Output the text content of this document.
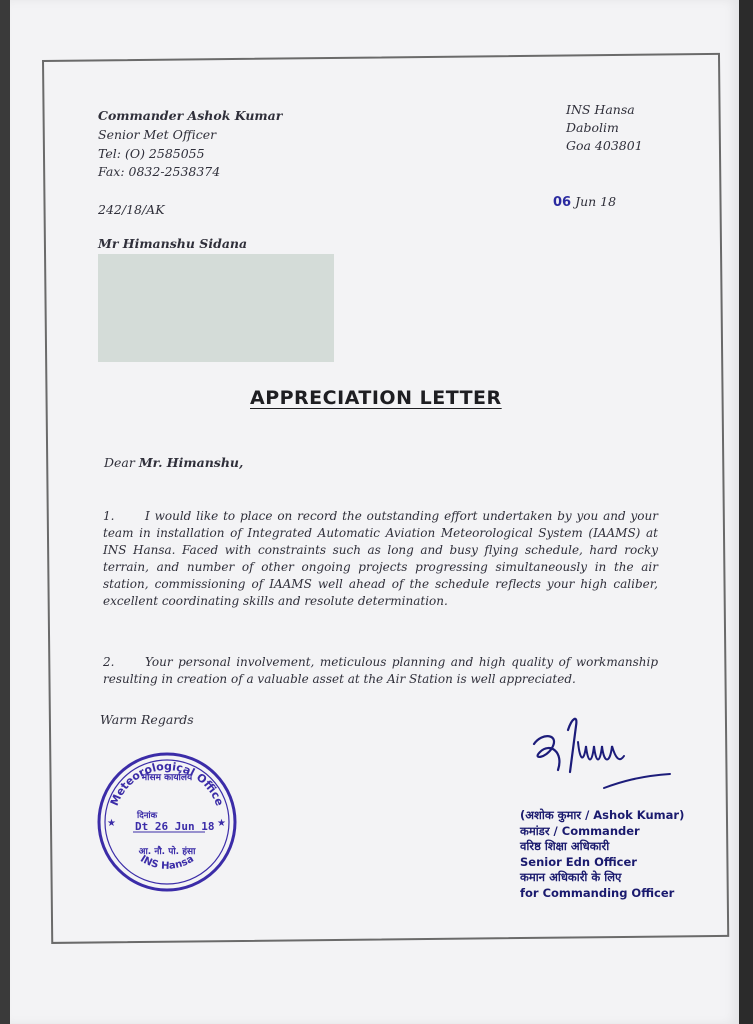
Commander Ashok Kumar
Senior Met Officer
Tel: (O) 2585055
Fax: 0832-2538374
INS Hansa
Dabolim
Goa 403801
242/18/AK	06 Jun 18
Mr Himanshu Sidana
APPRECIATION LETTER
Dear Mr. Himanshu,
1.	I would like to place on record the outstanding effort undertaken by you and your team in installation of Integrated Automatic Aviation Meteorological System (IAAMS) at INS Hansa. Faced with constraints such as long and busy flying schedule, hard rocky terrain, and number of other ongoing projects progressing simultaneously in the air station, commissioning of IAAMS well ahead of the schedule reflects your high caliber, excellent coordinating skills and resolute determination.
2.	Your personal involvement, meticulous planning and high quality of workmanship resulting in creation of a valuable asset at the Air Station is well appreciated.
Warm Regards
(अशोक कुमार / Ashok Kumar)
कमांडर / Commander
वरिष्ठ शिक्षा अधिकारी
Senior Edn Officer
कमान अधिकारी के लिए
for Commanding Officer
Meteorological Office
मौसम कार्यालय
दिनांक
Dt 26 Jun 18
आ. नौ. पो. हंसा
INS Hansa
★	★
